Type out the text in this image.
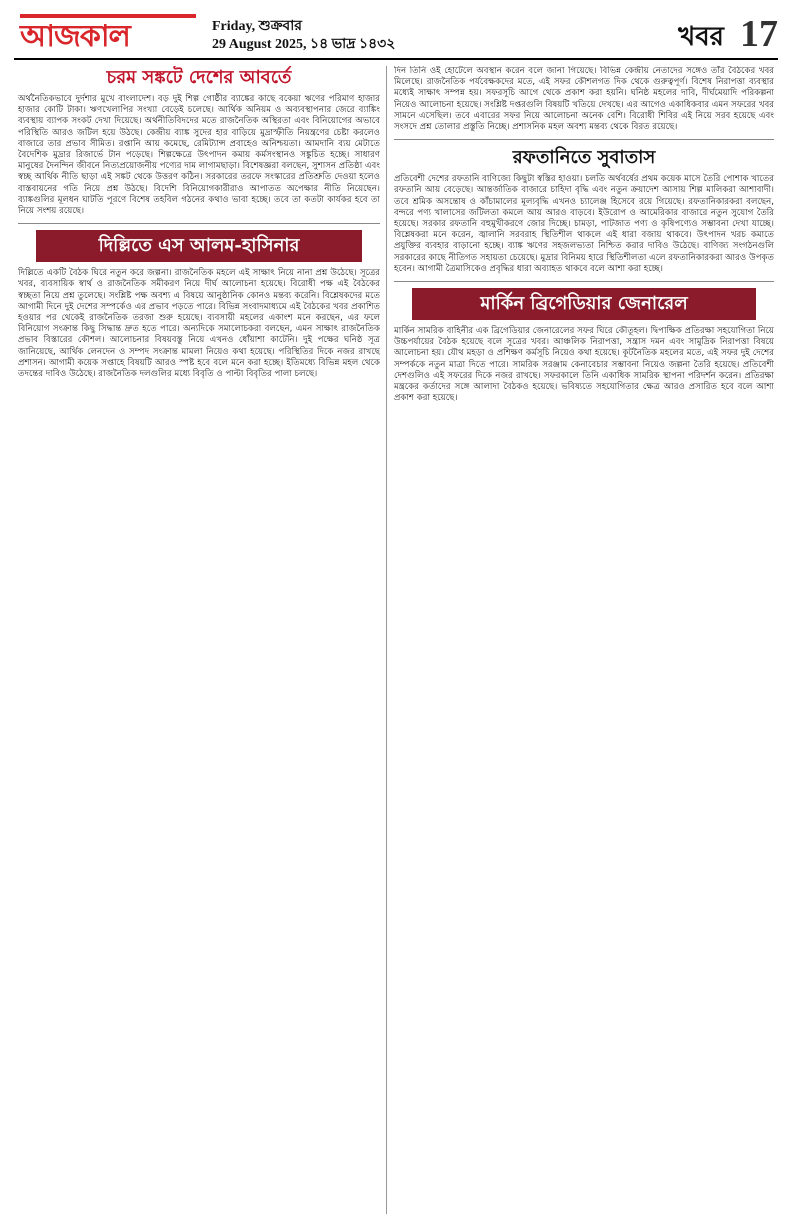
আজকাল	Friday, শুক্রবার
29 August 2025, ১৪ ভাদ্র ১৪৩২	খবর 17
চরম সঙ্কটে দেশের আবর্তে

অর্থনৈতিকভাবে দুর্দশার মুখে বাংলাদেশ। বড় দুই শিল্প গোষ্ঠীর ব্যাঙ্কের কাছে বকেয়া ঋণের পরিমাণ হাজার হাজার কোটি টাকা। ঋণখেলাপির সংখ্যা বেড়েই চলেছে। আর্থিক অনিয়ম ও অব্যবস্থাপনার জেরে ব্যাঙ্কিং ব্যবস্থায় ব্যাপক সংকট দেখা দিয়েছে। অর্থনীতিবিদদের মতে রাজনৈতিক অস্থিরতা এবং বিনিয়োগের অভাবে পরিস্থিতি আরও জটিল হয়ে উঠছে। কেন্দ্রীয় ব্যাঙ্ক সুদের হার বাড়িয়ে মুদ্রাস্ফীতি নিয়ন্ত্রণের চেষ্টা করলেও বাজারে তার প্রভাব সীমিত। রপ্তানি আয় কমেছে, রেমিট্যান্স প্রবাহেও অনিশ্চয়তা। আমদানি ব্যয় মেটাতে বৈদেশিক মুদ্রার রিজার্ভে টান পড়েছে। শিল্পক্ষেত্রে উৎপাদন কমায় কর্মসংস্থানও সঙ্কুচিত হচ্ছে। সাধারণ মানুষের দৈনন্দিন জীবনে নিত্যপ্রয়োজনীয় পণ্যের দাম লাগামছাড়া। বিশেষজ্ঞরা বলছেন, সুশাসন প্রতিষ্ঠা এবং স্বচ্ছ আর্থিক নীতি ছাড়া এই সঙ্কট থেকে উত্তরণ কঠিন। সরকারের তরফে সংস্কারের প্রতিশ্রুতি দেওয়া হলেও বাস্তবায়নের গতি নিয়ে প্রশ্ন উঠছে। বিদেশি বিনিয়োগকারীরাও আপাতত অপেক্ষার নীতি নিয়েছেন। ব্যাঙ্কগুলির মূলধন ঘাটতি পূরণে বিশেষ তহবিল গঠনের কথাও ভাবা হচ্ছে। তবে তা কতটা কার্যকর হবে তা নিয়ে সংশয় রয়েছে।

দিল্লিতে এস আলম-হাসিনার

দিল্লিতে একটি বৈঠক ঘিরে নতুন করে জল্পনা। রাজনৈতিক মহলে এই সাক্ষাৎ নিয়ে নানা প্রশ্ন উঠেছে। সূত্রের খবর, ব্যবসায়িক স্বার্থ ও রাজনৈতিক সমীকরণ নিয়ে দীর্ঘ আলোচনা হয়েছে। বিরোধী পক্ষ এই বৈঠকের স্বচ্ছতা নিয়ে প্রশ্ন তুলেছে। সংশ্লিষ্ট পক্ষ অবশ্য এ বিষয়ে আনুষ্ঠানিক কোনও মন্তব্য করেনি। বিশ্লেষকদের মতে আগামী দিনে দুই দেশের সম্পর্কেও এর প্রভাব পড়তে পারে। বিভিন্ন সংবাদমাধ্যমে এই বৈঠকের খবর প্রকাশিত হওয়ার পর থেকেই রাজনৈতিক তরজা শুরু হয়েছে। ব্যবসায়ী মহলের একাংশ মনে করছেন, এর ফলে বিনিয়োগ সংক্রান্ত কিছু সিদ্ধান্ত দ্রুত হতে পারে। অন্যদিকে সমালোচকরা বলছেন, এমন সাক্ষাৎ রাজনৈতিক প্রভাব বিস্তারের কৌশল। আলোচনার বিষয়বস্তু নিয়ে এখনও ধোঁয়াশা কাটেনি। দুই পক্ষের ঘনিষ্ঠ সূত্র জানিয়েছে, আর্থিক লেনদেন ও সম্পদ সংক্রান্ত মামলা নিয়েও কথা হয়েছে। পরিস্থিতির দিকে নজর রাখছে প্রশাসন। আগামী কয়েক সপ্তাহে বিষয়টি আরও স্পষ্ট হবে বলে মনে করা হচ্ছে। ইতিমধ্যে বিভিন্ন মহল থেকে তদন্তের দাবিও উঠেছে। রাজনৈতিক দলগুলির মধ্যে বিবৃতি ও পাল্টা বিবৃতির পালা চলছে।

দিন তিনি ওই হোটেলে অবস্থান করেন বলে জানা গিয়েছে। বিভিন্ন কেন্দ্রীয় নেতাদের সঙ্গেও তাঁর বৈঠকের খবর মিলেছে। রাজনৈতিক পর্যবেক্ষকদের মতে, এই সফর কৌশলগত দিক থেকে গুরুত্বপূর্ণ। বিশেষ নিরাপত্তা ব্যবস্থার মধ্যেই সাক্ষাৎ সম্পন্ন হয়। সফরসূচি আগে থেকে প্রকাশ করা হয়নি। ঘনিষ্ঠ মহলের দাবি, দীর্ঘমেয়াদি পরিকল্পনা নিয়েও আলোচনা হয়েছে। সংশ্লিষ্ট দপ্তরগুলি বিষয়টি খতিয়ে দেখছে। এর আগেও একাধিকবার এমন সফরের খবর সামনে এসেছিল। তবে এবারের সফর নিয়ে আলোচনা অনেক বেশি। বিরোধী শিবির এই নিয়ে সরব হয়েছে এবং সংসদে প্রশ্ন তোলার প্রস্তুতি নিচ্ছে। প্রশাসনিক মহল অবশ্য মন্তব্য থেকে বিরত রয়েছে।

রফতানিতে সুবাতাস

প্রতিবেশী দেশের রফতানি বাণিজ্যে কিছুটা স্বস্তির হাওয়া। চলতি অর্থবর্ষের প্রথম কয়েক মাসে তৈরি পোশাক খাতের রফতানি আয় বেড়েছে। আন্তর্জাতিক বাজারে চাহিদা বৃদ্ধি এবং নতুন ক্রয়াদেশ আসায় শিল্প মালিকরা আশাবাদী। তবে শ্রমিক অসন্তোষ ও কাঁচামালের মূল্যবৃদ্ধি এখনও চ্যালেঞ্জ হিসেবে রয়ে গিয়েছে। রফতানিকারকরা বলছেন, বন্দরে পণ্য খালাসের জটিলতা কমলে আয় আরও বাড়বে। ইউরোপ ও আমেরিকার বাজারে নতুন সুযোগ তৈরি হয়েছে। সরকার রফতানি বহুমুখীকরণে জোর দিচ্ছে। চামড়া, পাটজাত পণ্য ও কৃষিপণ্যেও সম্ভাবনা দেখা যাচ্ছে। বিশ্লেষকরা মনে করেন, জ্বালানি সরবরাহ স্থিতিশীল থাকলে এই ধারা বজায় থাকবে। উৎপাদন খরচ কমাতে প্রযুক্তির ব্যবহার বাড়ানো হচ্ছে। ব্যাঙ্ক ঋণের সহজলভ্যতা নিশ্চিত করার দাবিও উঠেছে। বাণিজ্য সংগঠনগুলি সরকারের কাছে নীতিগত সহায়তা চেয়েছে। মুদ্রার বিনিময় হারে স্থিতিশীলতা এলে রফতানিকারকরা আরও উপকৃত হবেন। আগামী ত্রৈমাসিকেও প্রবৃদ্ধির ধারা অব্যাহত থাকবে বলে আশা করা হচ্ছে।

মার্কিন ব্রিগেডিয়ার জেনারেল

মার্কিন সামরিক বাহিনীর এক ব্রিগেডিয়ার জেনারেলের সফর ঘিরে কৌতূহল। দ্বিপাক্ষিক প্রতিরক্ষা সহযোগিতা নিয়ে উচ্চপর্যায়ের বৈঠক হয়েছে বলে সূত্রের খবর। আঞ্চলিক নিরাপত্তা, সন্ত্রাস দমন এবং সামুদ্রিক নিরাপত্তা বিষয়ে আলোচনা হয়। যৌথ মহড়া ও প্রশিক্ষণ কর্মসূচি নিয়েও কথা হয়েছে। কূটনৈতিক মহলের মতে, এই সফর দুই দেশের সম্পর্ককে নতুন মাত্রা দিতে পারে। সামরিক সরঞ্জাম কেনাবেচার সম্ভাবনা নিয়েও জল্পনা তৈরি হয়েছে। প্রতিবেশী দেশগুলিও এই সফরের দিকে নজর রাখছে। সফরকালে তিনি একাধিক সামরিক স্থাপনা পরিদর্শন করেন। প্রতিরক্ষা মন্ত্রকের কর্তাদের সঙ্গে আলাদা বৈঠকও হয়েছে। ভবিষ্যতে সহযোগিতার ক্ষেত্র আরও প্রসারিত হবে বলে আশা প্রকাশ করা হয়েছে।
